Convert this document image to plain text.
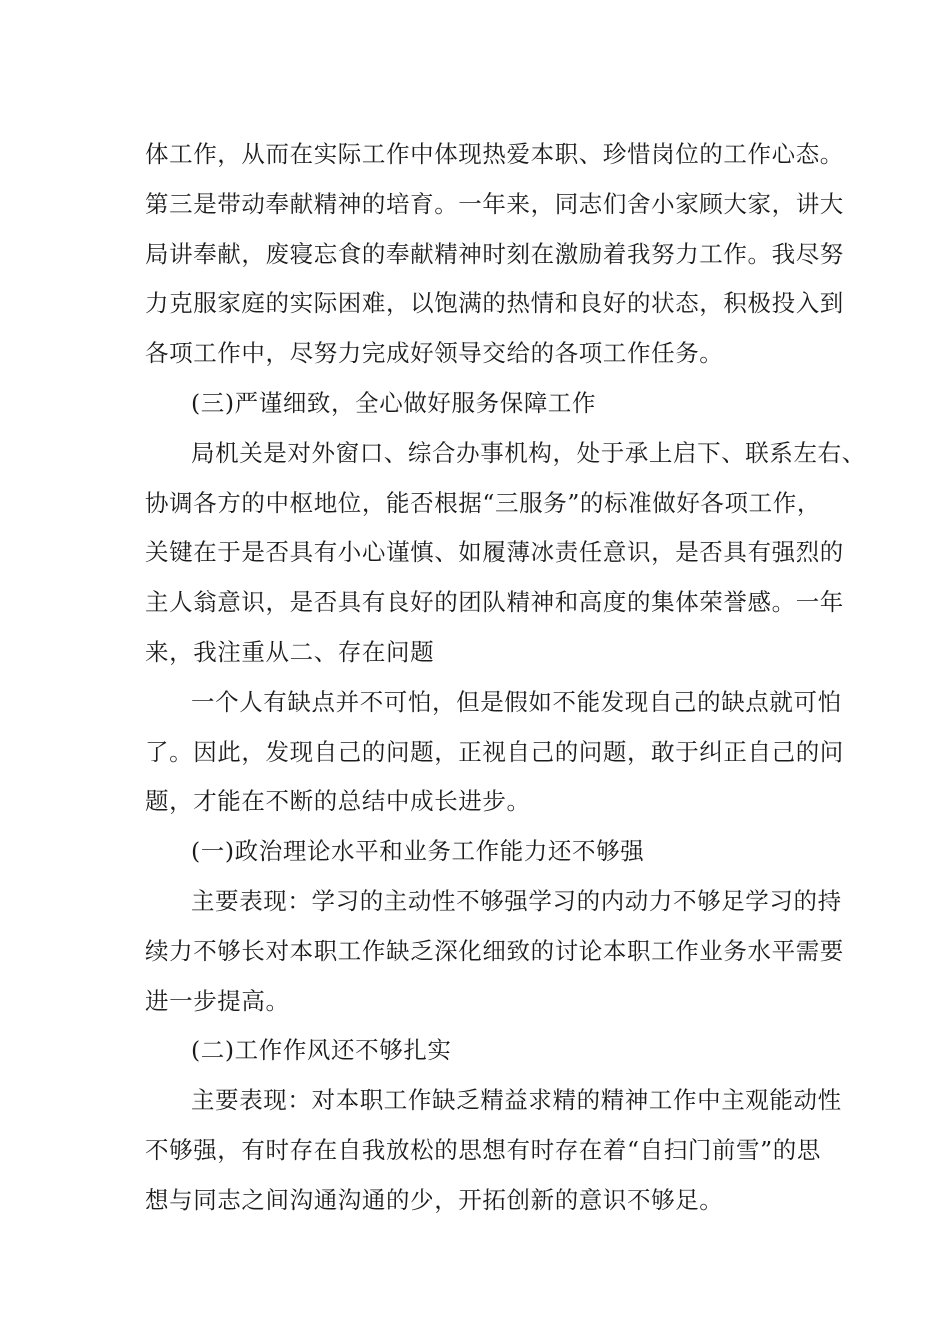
体工作，从而在实际工作中体现热爱本职、珍惜岗位的工作心态。
第三是带动奉献精神的培育。一年来，同志们舍小家顾大家，讲大
局讲奉献，废寝忘食的奉献精神时刻在激励着我努力工作。我尽努
力克服家庭的实际困难，以饱满的热情和良好的状态，积极投入到
各项工作中，尽努力完成好领导交给的各项工作任务。
(三)严谨细致，全心做好服务保障工作
局机关是对外窗口、综合办事机构，处于承上启下、联系左右、
协调各方的中枢地位，能否根据“三服务”的标准做好各项工作，
关键在于是否具有小心谨慎、如履薄冰责任意识，是否具有强烈的
主人翁意识，是否具有良好的团队精神和高度的集体荣誉感。一年
来，我注重从二、存在问题
一个人有缺点并不可怕，但是假如不能发现自己的缺点就可怕
了。因此，发现自己的问题，正视自己的问题，敢于纠正自己的问
题，才能在不断的总结中成长进步。
(一)政治理论水平和业务工作能力还不够强
主要表现：学习的主动性不够强学习的内动力不够足学习的持
续力不够长对本职工作缺乏深化细致的讨论本职工作业务水平需要
进一步提高。
(二)工作作风还不够扎实
主要表现：对本职工作缺乏精益求精的精神工作中主观能动性
不够强，有时存在自我放松的思想有时存在着“自扫门前雪”的思
想与同志之间沟通沟通的少，开拓创新的意识不够足。
